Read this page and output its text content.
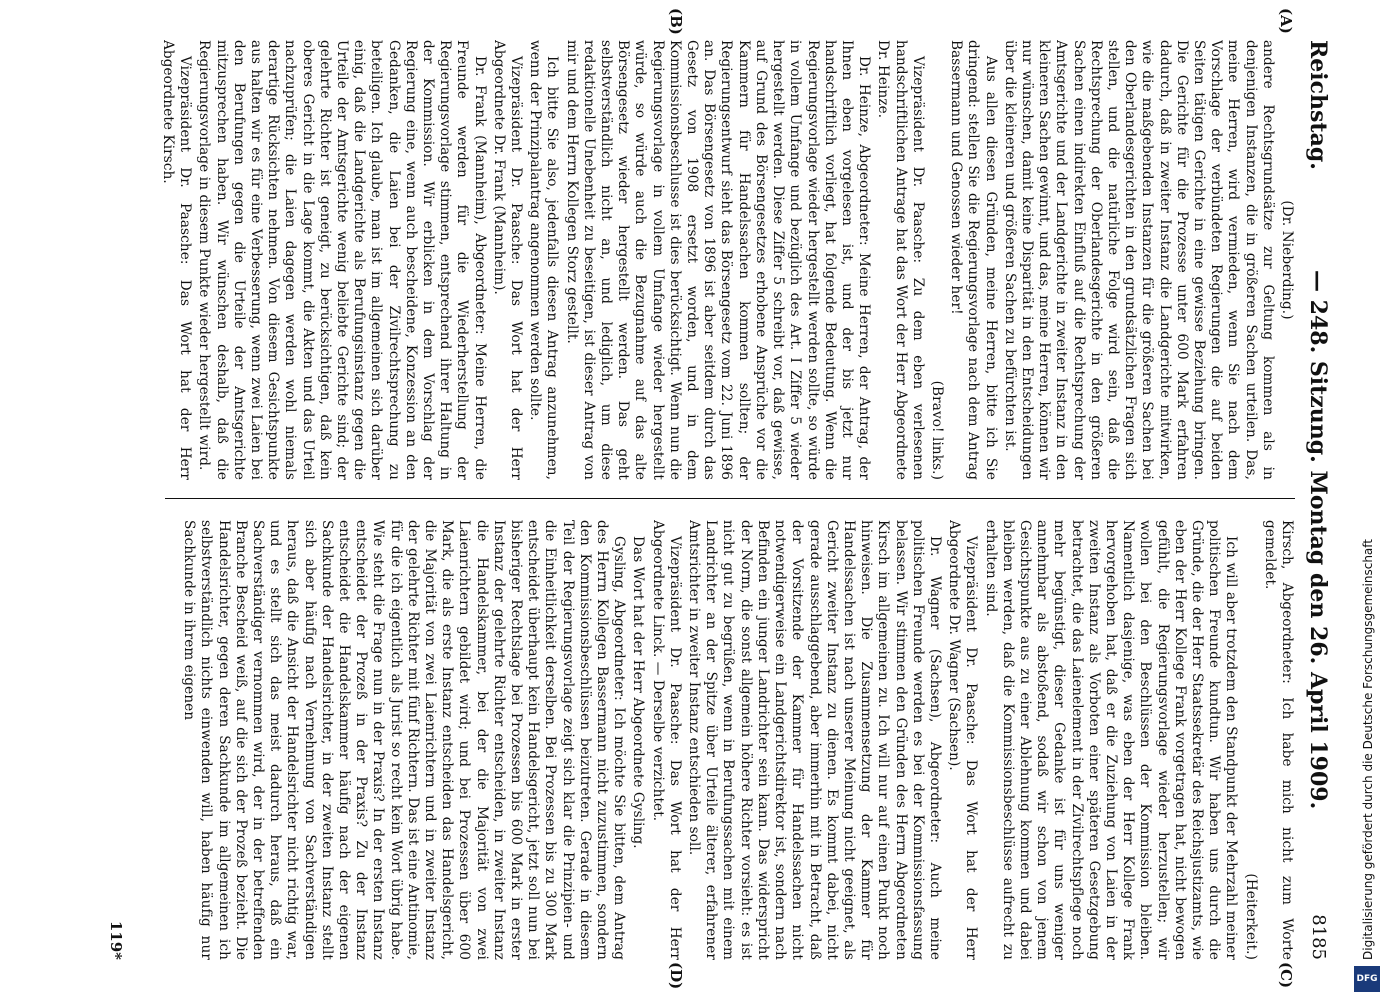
Reichstag.
— 248. Sitzung. Montag den 26. April 1909.
8185
(A)
(B)
(C)
(D)

(Dr. Nieberding.)

andere Rechtsgrundsätze zur Geltung kommen als in denjenigen Instanzen, die in größeren Sachen urteilen. Das, meine Herren, wird vermieden, wenn Sie nach dem Vorschlage der verbündeten Regierungen die auf beiden Seiten tätigen Gerichte in eine gewisse Beziehung bringen. Die Gerichte für die Prozesse unter 600 Mark erfahren dadurch, daß in zweiter Instanz die Landgerichte mitwirken, wie die maßgebenden Instanzen für die größeren Sachen bei den Oberlandesgerichten in den grundsätzlichen Fragen sich stellen, und die natürliche Folge wird sein, daß die Rechtsprechung der Oberlandesgerichte in den größeren Sachen einen indirekten Einfluß auf die Rechtsprechung der Amtsgerichte und der Landgerichte in zweiter Instanz in den kleineren Sachen gewinnt, und das, meine Herren, können wir nur wünschen, damit keine Disparität in den Entscheidungen über die kleineren und größeren Sachen zu befürchten ist.

Aus allen diesen Gründen, meine Herren, bitte ich Sie dringend: stellen Sie die Regierungsvorlage nach dem Antrag Bassermann und Genossen wieder her!

(Bravo! links.)

Vizepräsident Dr. Paasche: Zu dem eben verlesenen handschriftlichen Antrage hat das Wort der Herr Abgeordnete Dr. Heinze.

Dr. Heinze, Abgeordneter: Meine Herren, der Antrag, der Ihnen eben vorgelesen ist, und der bis jetzt nur handschriftlich vorliegt, hat folgende Bedeutung. Wenn die Regierungsvorlage wieder hergestellt werden sollte, so würde in vollem Umfange und bezüglich des Art. I Ziffer 5 wieder hergestellt werden. Diese Ziffer 5 schreibt vor, daß gewisse, auf Grund des Börsengesetzes erhobene Ansprüche vor die Kammern für Handelssachen kommen sollten; der Regierungsentwurf sieht das Börsengesetz vom 22. Juni 1896 an. Das Börsengesetz von 1896 ist aber seitdem durch das Gesetz von 1908 ersetzt worden, und in dem Kommissionsbeschlusse ist dies berücksichtigt. Wenn nun die Regierungsvorlage in vollem Umfange wieder hergestellt würde, so würde auch die Bezugnahme auf das alte Börsengesetz wieder hergestellt werden. Das geht selbstverständlich nicht an, und lediglich, um diese redaktionelle Unebenheit zu beseitigen, ist dieser Antrag von mir und dem Herrn Kollegen Storz gestellt.

Ich bitte Sie also, jedenfalls diesen Antrag anzunehmen, wenn der Prinzipalantrag angenommen werden sollte.

Vizepräsident Dr. Paasche: Das Wort hat der Herr Abgeordnete Dr. Frank (Mannheim).

Dr. Frank (Mannheim), Abgeordneter: Meine Herren, die Freunde werden für die Wiederherstellung der Regierungsvorlage stimmen, entsprechend ihrer Haltung in der Kommission. Wir erblicken in dem Vorschlag der Regierung eine, wenn auch bescheidene, Konzession an den Gedanken, die Laien bei der Zivilrechtsprechung zu beteiligen. Ich glaube, man ist im allgemeinen sich darüber einig, daß die Landgerichte als Berufungsinstanz gegen die Urteile der Amtsgerichte wenig beliebte Gerichte sind; der gelehrte Richter ist geneigt, zu berücksichtigen, daß kein oberes Gericht in die Lage kommt, die Akten und das Urteil nachzuprüfen; die Laien dagegen werden wohl niemals derartige Rücksichten nehmen. Von diesem Gesichtspunkte aus halten wir es für eine Verbesserung, wenn zwei Laien bei den Berufungen gegen die Urteile der Amtsgerichte mitzusprechen haben. Wir wünschen deshalb, daß die Regierungsvorlage in diesem Punkte wieder hergestellt wird.

Vizepräsident Dr. Paasche: Das Wort hat der Herr Abgeordnete Kirsch.

Kirsch, Abgeordneter: Ich habe mich nicht zum Worte gemeldet.

(Heiterkeit.)

Ich will aber trotzdem den Standpunkt der Mehrzahl meiner politischen Freunde kundtun. Wir haben uns durch die Gründe, die der Herr Staatssekretär des Reichsjustizamts, wie eben der Herr Kollege Frank vorgetragen hat, nicht bewogen gefühlt, die Regierungsvorlage wieder herzustellen; wir wollen bei den Beschlüssen der Kommission bleiben. Namentlich dasjenige, was eben der Herr Kollege Frank hervorgehoben hat, daß er die Zuziehung von Laien in der zweiten Instanz als Vorboten einer späteren Gesetzgebung betrachtet, die das Laienelement in der Zivilrechtspflege noch mehr begünstigt, dieser Gedanke ist für uns weniger annehmbar als abstoßend, sodaß wir schon von jenem Gesichtspunkte aus zu einer Ablehnung kommen und dabei bleiben werden, daß die Kommissionsbeschlüsse aufrecht zu erhalten sind.

Vizepräsident Dr. Paasche: Das Wort hat der Herr Abgeordnete Dr. Wagner (Sachsen).

Dr. Wagner (Sachsen), Abgeordneter: Auch meine politischen Freunde werden es bei der Kommissionsfassung belassen. Wir stimmen den Gründen des Herrn Abgeordneten Kirsch im allgemeinen zu. Ich will nur auf einen Punkt noch hinweisen. Die Zusammensetzung der Kammer für Handelssachen ist nach unserer Meinung nicht geeignet, als Gericht zweiter Instanz zu dienen. Es kommt dabei, nicht gerade ausschlaggebend, aber immerhin mit in Betracht, daß der Vorsitzende der Kammer für Handelssachen nicht notwendigerweise ein Landgerichtsdirektor ist, sondern nach Befinden ein junger Landrichter sein kann. Das widerspricht der Norm, die sonst allgemein höhere Richter vorsieht: es ist nicht gut zu begrüßen, wenn in Berufungssachen mit einem Landrichter an der Spitze über Urteile älterer, erfahrener Amtsrichter in zweiter Instanz entschieden soll.

Vizepräsident Dr. Paasche: Das Wort hat der Herr Abgeordnete Linck. — Derselbe verzichtet.

Das Wort hat der Herr Abgeordnete Gysling.

Gysling, Abgeordneter: Ich möchte Sie bitten, dem Antrag des Herrn Kollegen Bassermann nicht zuzustimmen, sondern den Kommissionsbeschlüssen beizutreten. Gerade in diesem Teil der Regierungsvorlage zeigt sich klar die Prinzipien- und die Einheitlichkeit derselben. Bei Prozessen bis zu 300 Mark entscheidet überhaupt kein Handelsgericht, jetzt soll nun bei bisheriger Rechtslage bei Prozessen bis 600 Mark in erster Instanz der gelehrte Richter entscheiden, in zweiter Instanz die Handelskammer, bei der die Majorität von zwei Laienrichtern gebildet wird; und bei Prozessen über 600 Mark, die als erste Instanz entscheiden das Handelsgericht, die Majorität von zwei Laienrichtern und in zweiter Instanz der gelehrte Richter mit fünf Richtern. Das ist eine Antinomie, für die ich eigentlich als Jurist so recht kein Wort übrig habe. Wie steht die Frage nun in der Praxis? In der ersten Instanz entscheidet der Prozeß in der Praxis? Zu der Instanz entscheidet die Handelskammer häufig nach der eigenen Sachkunde der Handelsrichter, in der zweiten Instanz stellt sich aber häufig nach Vernehmung von Sachverständigen heraus, daß die Ansicht der Handelsrichter nicht richtig war, und es stellt sich das meist dadurch heraus, daß ein Sachverständiger vernommen wird, der in der betreffenden Branche Bescheid weiß, auf die sich der Prozeß bezieht. Die Handelsrichter, gegen deren Sachkunde im allgemeinen ich selbstverständlich nichts einwenden will, haben häufig nur Sachkunde in ihrem eigenen

119*	Digitalisierung gefördert durch die Deutsche Forschungsgemeinschaft
DFG
